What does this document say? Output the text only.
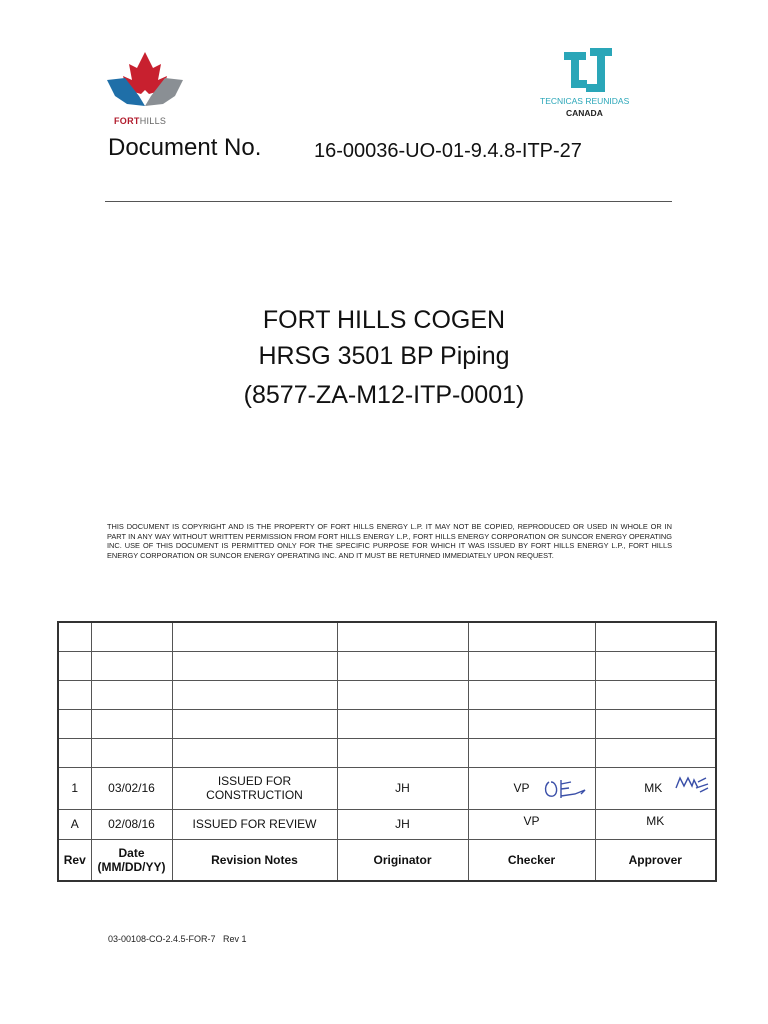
FORTHILLS
TECNICAS REUNIDAS
CANADA
Document No.	16-00036-UO-01-9.4.8-ITP-27
FORT HILLS COGEN
HRSG 3501 BP Piping
(8577-ZA-M12-ITP-0001)
THIS DOCUMENT IS COPYRIGHT AND IS THE PROPERTY OF FORT HILLS ENERGY L.P. IT MAY NOT BE COPIED, REPRODUCED OR USED IN WHOLE OR IN PART IN ANY WAY WITHOUT WRITTEN PERMISSION FROM FORT HILLS ENERGY L.P., FORT HILLS ENERGY CORPORATION OR SUNCOR ENERGY OPERATING INC. USE OF THIS DOCUMENT IS PERMITTED ONLY FOR THE SPECIFIC PURPOSE FOR WHICH IT WAS ISSUED BY FORT HILLS ENERGY L.P., FORT HILLS ENERGY CORPORATION OR SUNCOR ENERGY OPERATING INC. AND IT MUST BE RETURNED IMMEDIATELY UPON REQUEST.

1	03/02/16	ISSUED FOR
CONSTRUCTION	JH	VP	MK

A	02/08/16	ISSUED FOR REVIEW	JH	VP	MK
Rev	Date
(MM/DD/YY)	Revision Notes	Originator	Checker	Approver
03-00108-CO-2.4.5-FOR-7   Rev 1
